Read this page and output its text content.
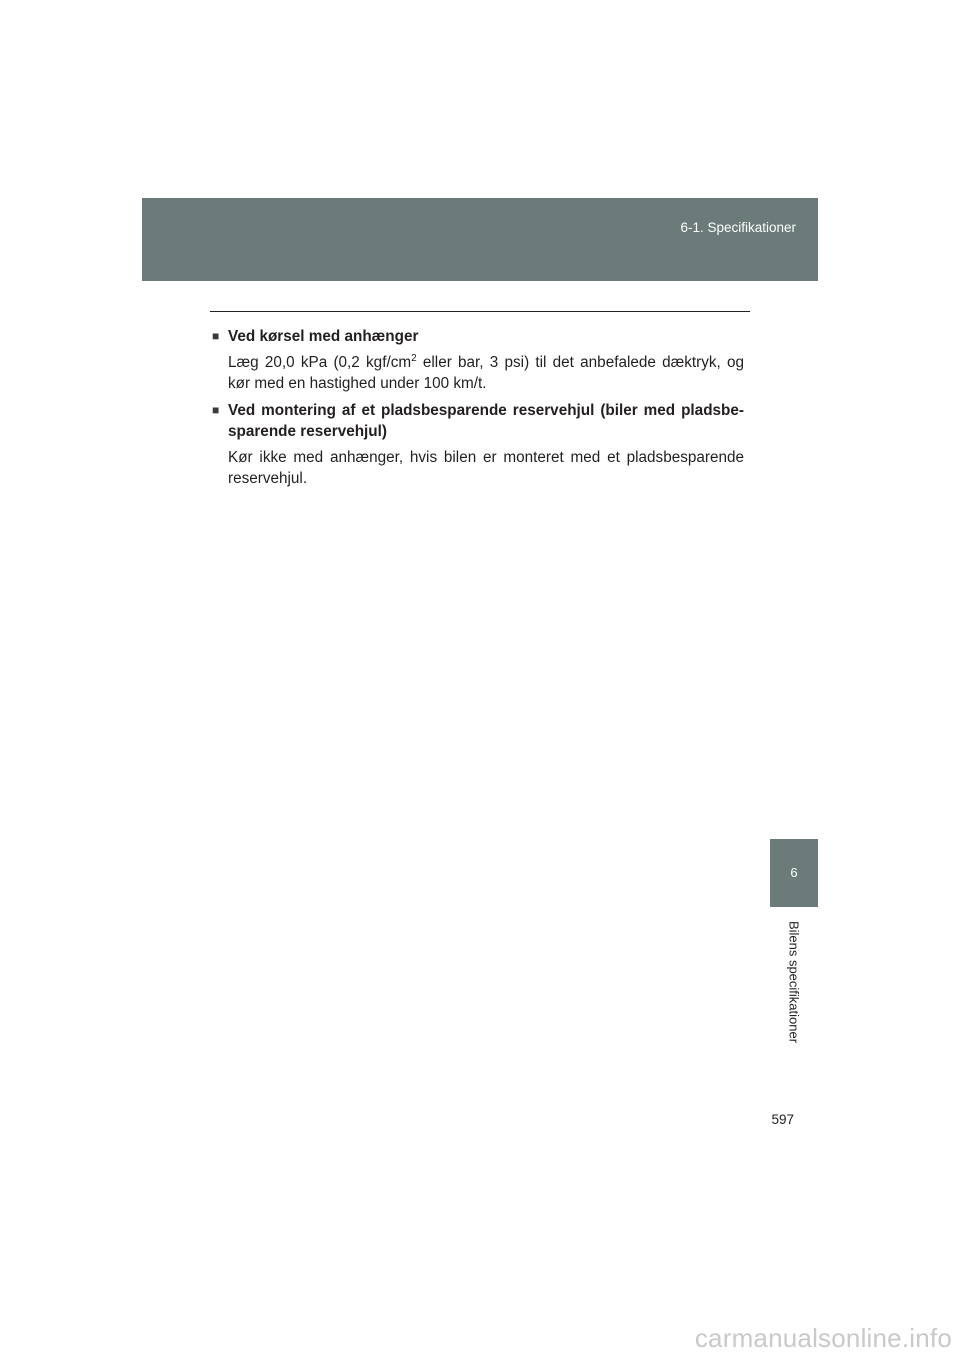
6-1. Specifikationer
■ Ved kørsel med anhænger
Læg 20,0 kPa (0,2 kgf/$cm^2$ eller bar, 3 psi) til det anbefalede dæktryk, og kør med en hastighed under 100 km/t.
■ Ved montering af et pladsbesparende reservehjul (biler med pladsbe-sparende reservehjul)
Kør ikke med anhænger, hvis bilen er monteret med et pladsbesparende reservehjul.
6
Bilens specifikationer
597
carmanualsonline.info
